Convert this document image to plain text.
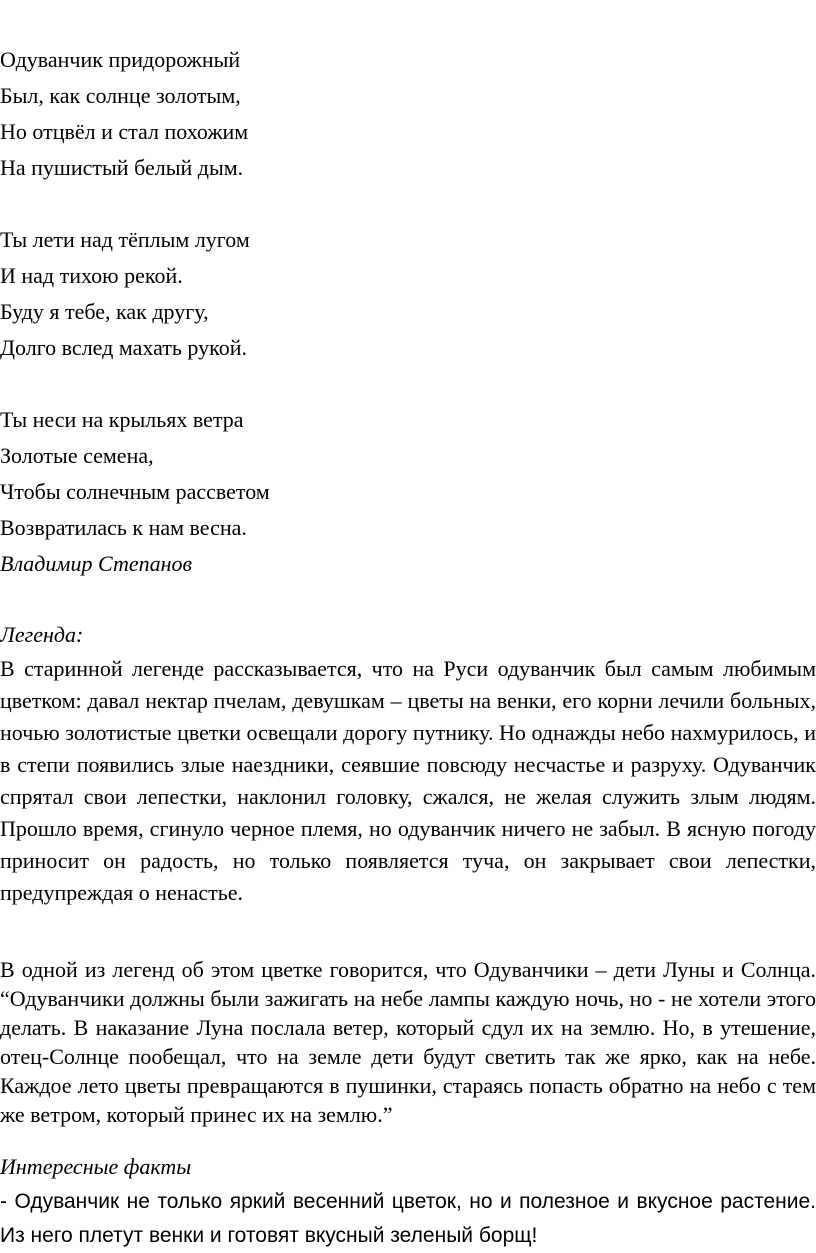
Одуванчик придорожный
Был, как солнце золотым,
Но отцвёл и стал похожим
На пушистый белый дым.
Ты лети над тёплым лугом
И над тихою рекой.
Буду я тебе, как другу,
Долго вслед махать рукой.
Ты неси на крыльях ветра
Золотые семена,
Чтобы солнечным рассветом
Возвратилась к нам весна.

Владимир Степанов

Легенда:

В старинной легенде рассказывается, что на Руси одуванчик был самым любимым цветком: давал нектар пчелам, девушкам – цветы на венки, его корни лечили больных, ночью золотистые цветки освещали дорогу путнику. Но однажды небо нахмурилось, и в степи появились злые наездники, сеявшие повсюду несчастье и разруху. Одуванчик спрятал свои лепестки, наклонил головку, сжался, не желая служить злым людям. Прошло время, сгинуло черное племя, но одуванчик ничего не забыл. В ясную погоду приносит он радость, но только появляется туча, он закрывает свои лепестки, предупреждая о ненастье.

В одной из легенд об этом цветке говорится, что Одуванчики – дети Луны и Солнца. “Одуванчики должны были зажигать на небе лампы каждую ночь, но - не хотели этого делать. В наказание Луна послала ветер, который сдул их на землю. Но, в утешение, отец-Солнце пообещал, что на земле дети будут светить так же ярко, как на небе. Каждое лето цветы превращаются в пушинки, стараясь попасть обратно на небо с тем же ветром, который принес их на землю.”

Интересные факты

- Одуванчик не только яркий весенний цветок, но и полезное и вкусное растение. Из него плетут венки и готовят вкусный зеленый борщ!
